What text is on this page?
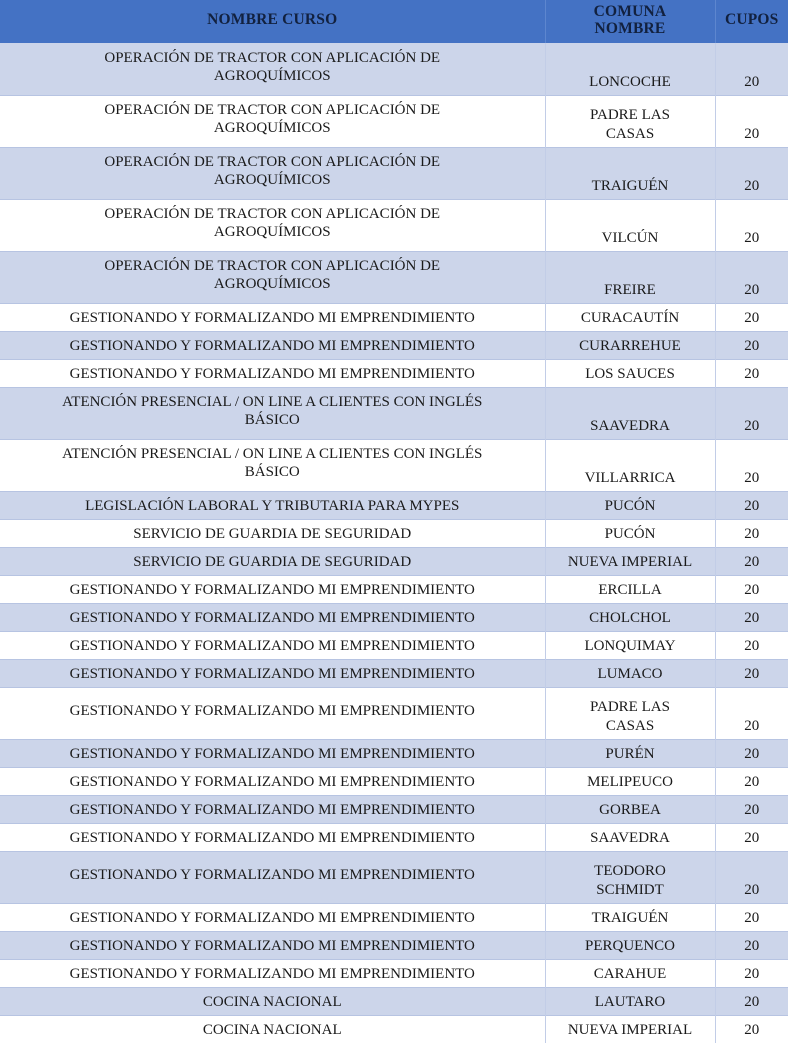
NOMBRE CURSO	COMUNA
NOMBRE	CUPOS

OPERACIÓN DE TRACTOR CON APLICACIÓN DE
AGROQUÍMICOS	LONCOCHE	20

OPERACIÓN DE TRACTOR CON APLICACIÓN DE
AGROQUÍMICOS	PADRE LAS
CASAS	20

OPERACIÓN DE TRACTOR CON APLICACIÓN DE
AGROQUÍMICOS	TRAIGUÉN	20

OPERACIÓN DE TRACTOR CON APLICACIÓN DE
AGROQUÍMICOS	VILCÚN	20

OPERACIÓN DE TRACTOR CON APLICACIÓN DE
AGROQUÍMICOS	FREIRE	20
GESTIONANDO Y FORMALIZANDO MI EMPRENDIMIENTO	CURACAUTÍN	20
GESTIONANDO Y FORMALIZANDO MI EMPRENDIMIENTO	CURARREHUE	20
GESTIONANDO Y FORMALIZANDO MI EMPRENDIMIENTO	LOS SAUCES	20

ATENCIÓN PRESENCIAL / ON LINE A CLIENTES CON INGLÉS
BÁSICO	SAAVEDRA	20

ATENCIÓN PRESENCIAL / ON LINE A CLIENTES CON INGLÉS
BÁSICO	VILLARRICA	20
LEGISLACIÓN LABORAL Y TRIBUTARIA PARA MYPES	PUCÓN	20
SERVICIO DE GUARDIA DE SEGURIDAD	PUCÓN	20
SERVICIO DE GUARDIA DE SEGURIDAD	NUEVA IMPERIAL	20
GESTIONANDO Y FORMALIZANDO MI EMPRENDIMIENTO	ERCILLA	20
GESTIONANDO Y FORMALIZANDO MI EMPRENDIMIENTO	CHOLCHOL	20
GESTIONANDO Y FORMALIZANDO MI EMPRENDIMIENTO	LONQUIMAY	20
GESTIONANDO Y FORMALIZANDO MI EMPRENDIMIENTO	LUMACO	20
GESTIONANDO Y FORMALIZANDO MI EMPRENDIMIENTO	PADRE LAS
CASAS	20
GESTIONANDO Y FORMALIZANDO MI EMPRENDIMIENTO	PURÉN	20
GESTIONANDO Y FORMALIZANDO MI EMPRENDIMIENTO	MELIPEUCO	20
GESTIONANDO Y FORMALIZANDO MI EMPRENDIMIENTO	GORBEA	20
GESTIONANDO Y FORMALIZANDO MI EMPRENDIMIENTO	SAAVEDRA	20
GESTIONANDO Y FORMALIZANDO MI EMPRENDIMIENTO	TEODORO
SCHMIDT	20
GESTIONANDO Y FORMALIZANDO MI EMPRENDIMIENTO	TRAIGUÉN	20
GESTIONANDO Y FORMALIZANDO MI EMPRENDIMIENTO	PERQUENCO	20
GESTIONANDO Y FORMALIZANDO MI EMPRENDIMIENTO	CARAHUE	20
COCINA NACIONAL	LAUTARO	20
COCINA NACIONAL	NUEVA IMPERIAL	20
